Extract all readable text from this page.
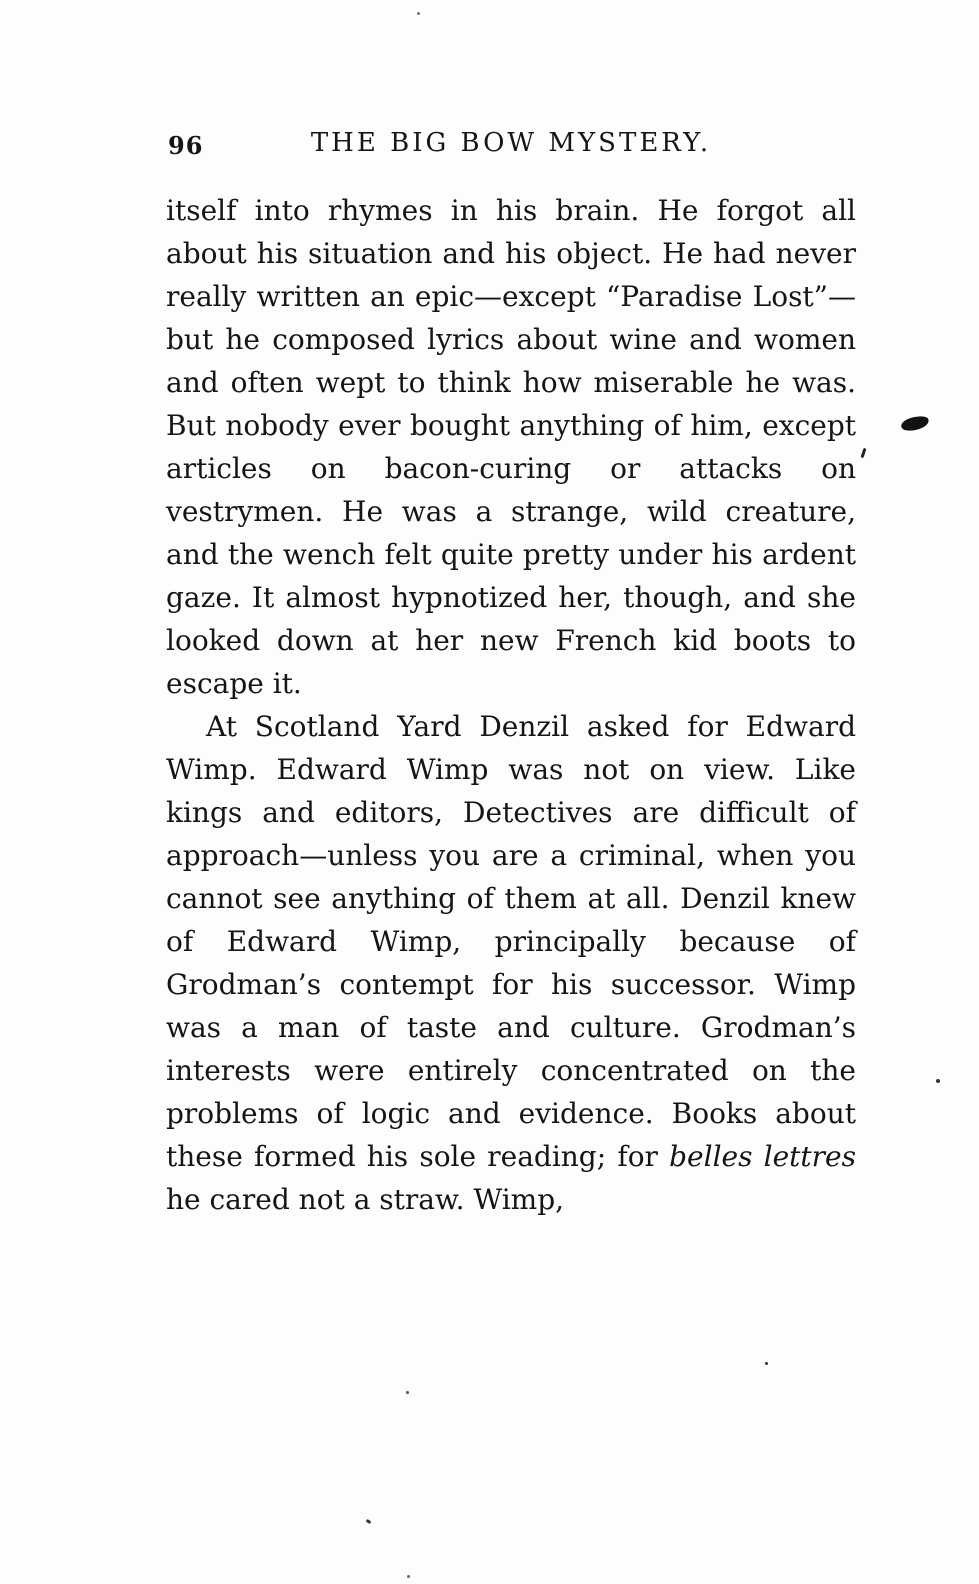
96	THE BIG BOW MYSTERY.

itself into rhymes in his brain. He forgot all about his situation and his object. He had never really written an epic—except “Paradise Lost”—but he composed lyrics about wine and women and often wept to think how miserable he was. But nobody ever bought anything of him, except articles on bacon-curing or attacks on vestrymen. He was a strange, wild creature, and the wench felt quite pretty under his ardent gaze. It almost hypnotized her, though, and she looked down at her new French kid boots to escape it.

At Scotland Yard Denzil asked for Edward Wimp. Edward Wimp was not on view. Like kings and editors, Detectives are difficult of approach—unless you are a criminal, when you cannot see anything of them at all. Denzil knew of Edward Wimp, principally because of Grodman’s contempt for his successor. Wimp was a man of taste and culture. Grodman’s interests were entirely concentrated on the problems of logic and evidence. Books about these formed his sole reading; for belles lettres he cared not a straw. Wimp,
